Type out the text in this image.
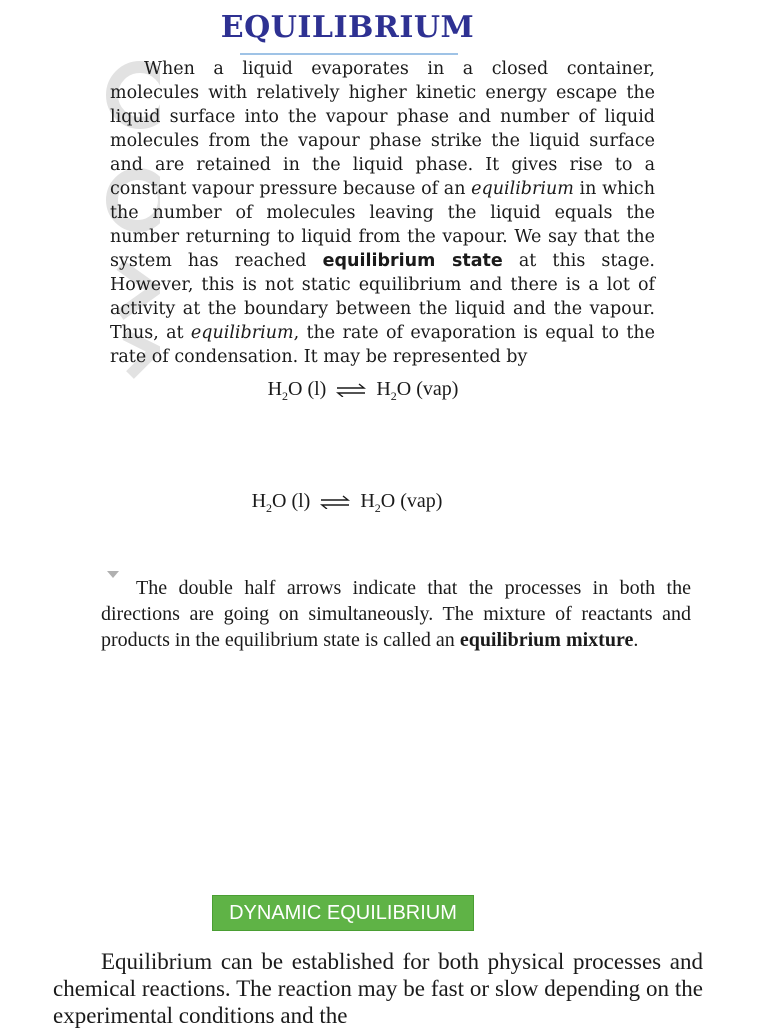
EQUILIBRIUM

When a liquid evaporates in a closed container, molecules with relatively higher kinetic energy escape the liquid surface into the vapour phase and number of liquid molecules from the vapour phase strike the liquid surface and are retained in the liquid phase. It gives rise to a constant vapour pressure because of an equilibrium in which the number of molecules leaving the liquid equals the number returning to liquid from the vapour. We say that the system has reached equilibrium state at this stage. However, this is not static equilibrium and there is a lot of activity at the boundary between the liquid and the vapour. Thus, at equilibrium, the rate of evaporation is equal to the rate of condensation. It may be represented by

$H_2O$ (l) ⇌ $H_2O$ (vap)
$H_2O$ (l) ⇌ $H_2O$ (vap)

The double half arrows indicate that the processes in both the directions are going on simultaneously. The mixture of reactants and products in the equilibrium state is called an equilibrium mixture.

DYNAMIC EQUILIBRIUM

Equilibrium can be established for both physical processes and chemical reactions. The reaction may be fast or slow depending on the experimental conditions and the
